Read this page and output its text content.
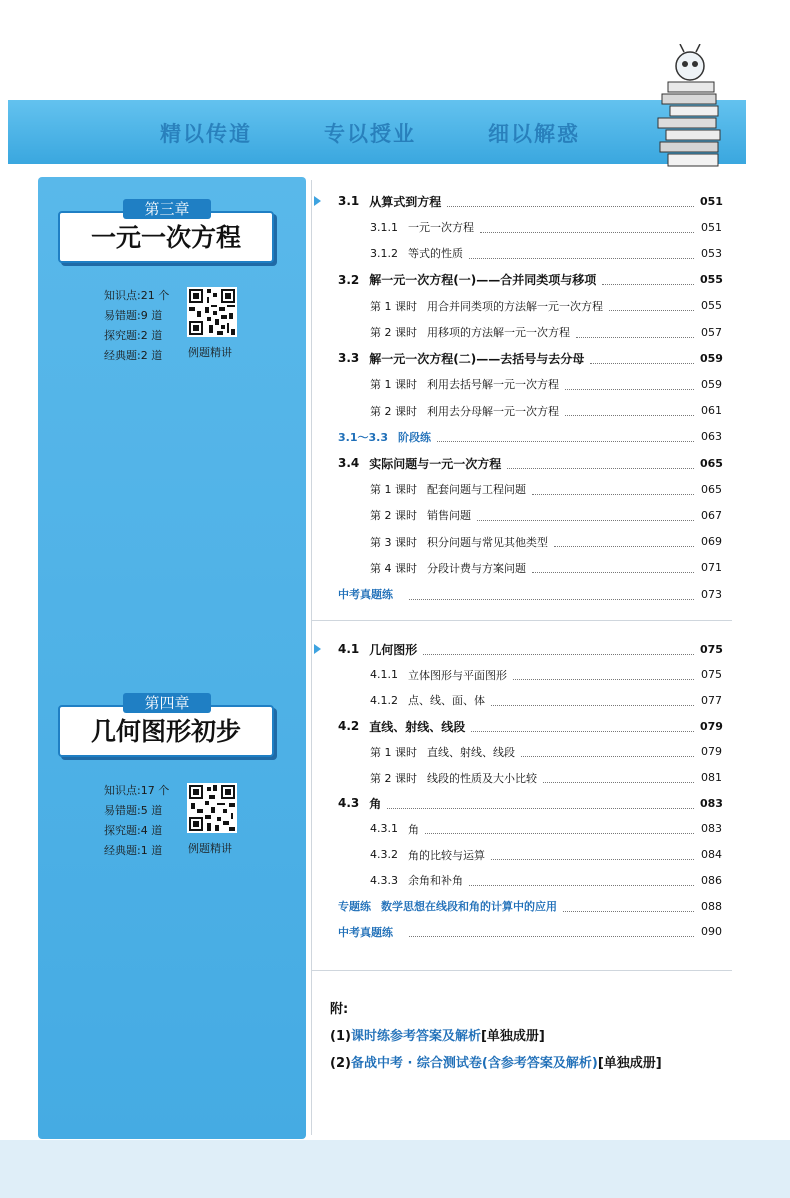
精以传道	专以授业	细以解惑
第三章
一元一次方程
知识点:21 个
易错题:9 道
探究题:2 道
经典题:2 道	例题精讲
第四章
几何图形初步
知识点:17 个
易错题:5 道
探究题:4 道
经典题:1 道	例题精讲
附:
(1)课时练参考答案及解析[单独成册]
(2)备战中考 · 综合测试卷(含参考答案及解析)[单独成册]
3.1 从算式到方程	051
3.1.1 一元一次方程	051
3.1.2 等式的性质	053
3.2 解一元一次方程(一)——合并同类项与移项	055
第 1 课时 用合并同类项的方法解一元一次方程	055
第 2 课时 用移项的方法解一元一次方程	057
3.3 解一元一次方程(二)——去括号与去分母	059
第 1 课时 利用去括号解一元一次方程	059
第 2 课时 利用去分母解一元一次方程	061
3.1～3.3 阶段练	063
3.4 实际问题与一元一次方程	065
第 1 课时 配套问题与工程问题	065
第 2 课时 销售问题	067
第 3 课时 积分问题与常见其他类型	069
第 4 课时 分段计费与方案问题	071
中考真题练	073
4.1 几何图形	075
4.1.1 立体图形与平面图形	075
4.1.2 点、线、面、体	077
4.2 直线、射线、线段	079
第 1 课时 直线、射线、线段	079
第 2 课时 线段的性质及大小比较	081
4.3 角	083
4.3.1 角	083
4.3.2 角的比较与运算	084
4.3.3 余角和补角	086
专题练 数学思想在线段和角的计算中的应用	088
中考真题练	090
